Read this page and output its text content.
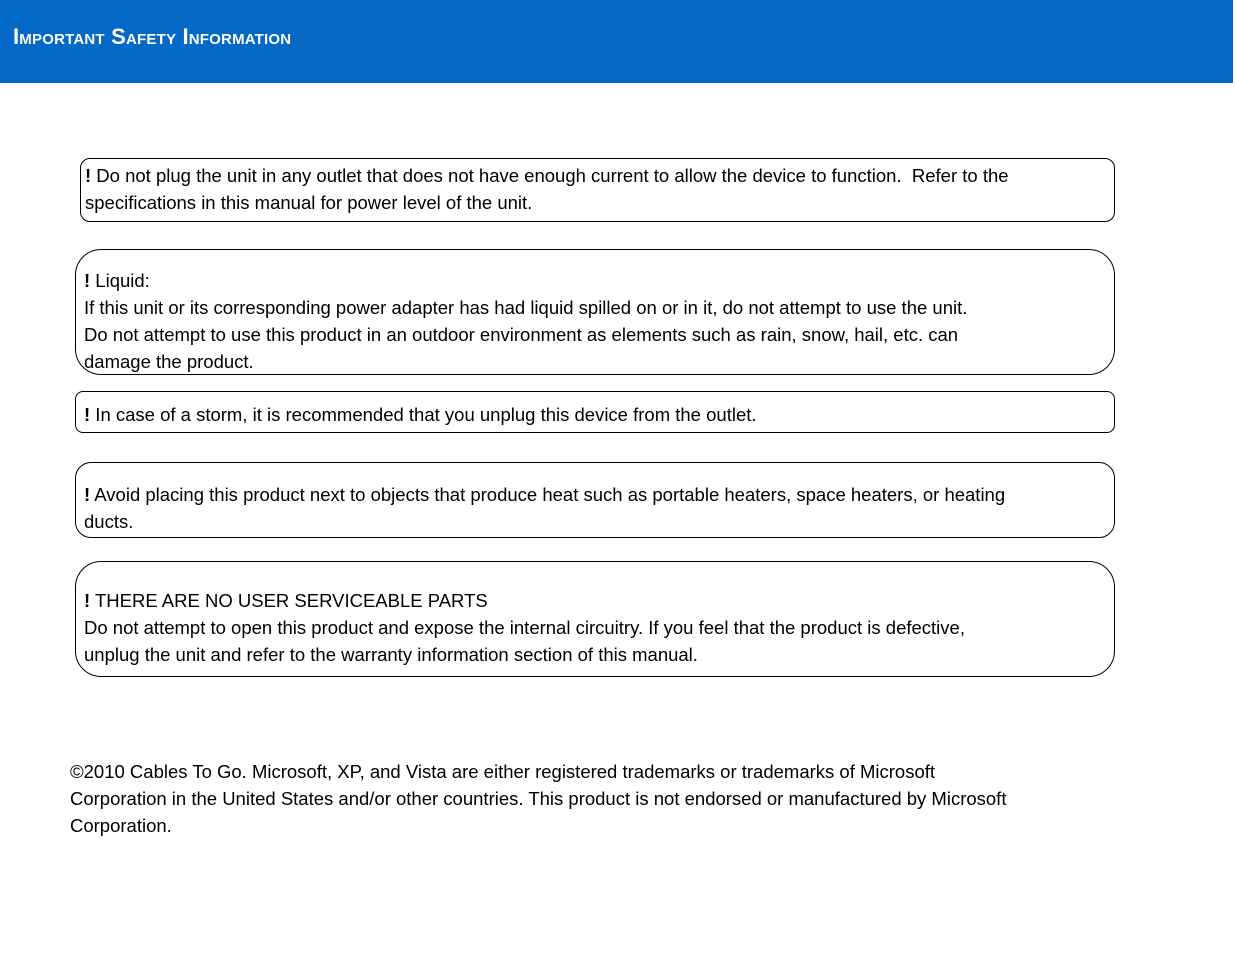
Important Safety Information

! Do not plug the unit in any outlet that does not have enough current to allow the device to function.  Refer to the

specifications in this manual for power level of the unit.

! Liquid:

If this unit or its corresponding power adapter has had liquid spilled on or in it, do not attempt to use the unit.

Do not attempt to use this product in an outdoor environment as elements such as rain, snow, hail, etc. can

damage the product.

! In case of a storm, it is recommended that you unplug this device from the outlet.

! Avoid placing this product next to objects that produce heat such as portable heaters, space heaters, or heating

ducts.

! THERE ARE NO USER SERVICEABLE PARTS

Do not attempt to open this product and expose the internal circuitry. If you feel that the product is defective,

unplug the unit and refer to the warranty information section of this manual.

©2010 Cables To Go. Microsoft, XP, and Vista are either registered trademarks or trademarks of Microsoft

Corporation in the United States and/or other countries. This product is not endorsed or manufactured by Microsoft

Corporation.
